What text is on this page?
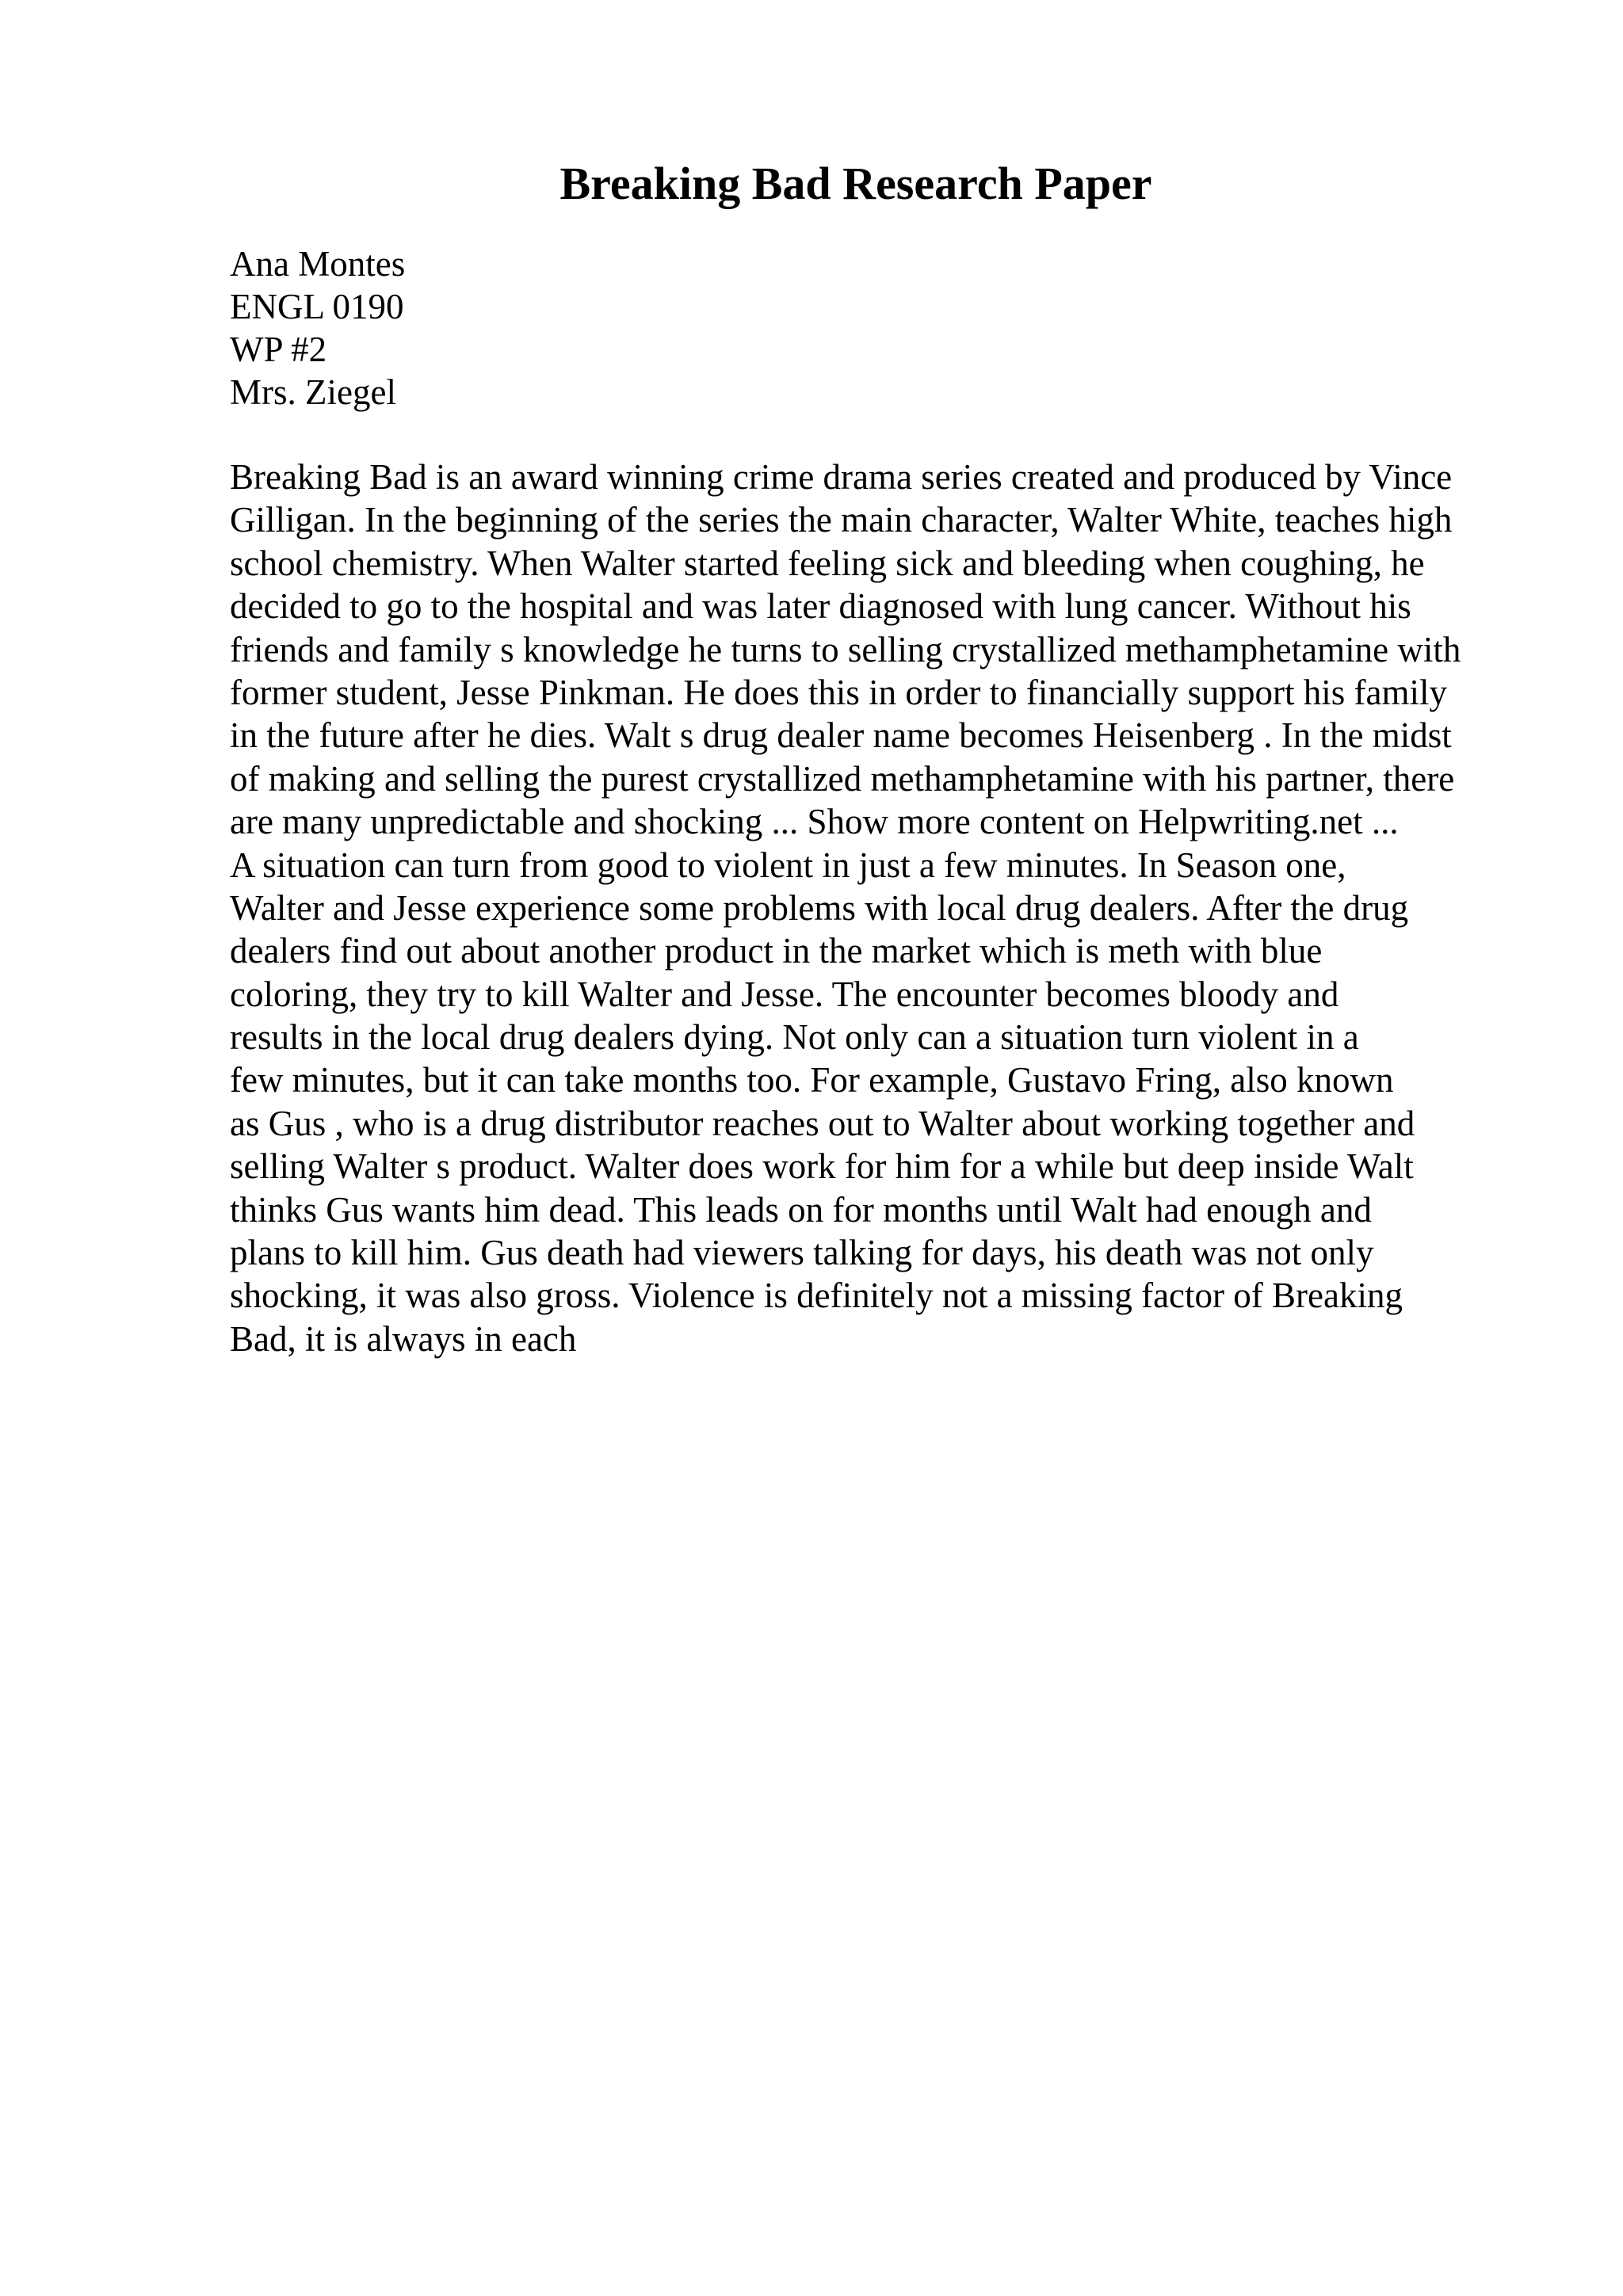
Breaking Bad Research Paper
Ana Montes
ENGL 0190
WP #2
Mrs. Ziegel
Breaking Bad is an award winning crime drama series created and produced by Vince
Gilligan. In the beginning of the series the main character, Walter White, teaches high
school chemistry. When Walter started feeling sick and bleeding when coughing, he
decided to go to the hospital and was later diagnosed with lung cancer. Without his
friends and family s knowledge he turns to selling crystallized methamphetamine with
former student, Jesse Pinkman. He does this in order to financially support his family
in the future after he dies. Walt s drug dealer name becomes Heisenberg . In the midst
of making and selling the purest crystallized methamphetamine with his partner, there
are many unpredictable and shocking ... Show more content on Helpwriting.net ...
A situation can turn from good to violent in just a few minutes. In Season one,
Walter and Jesse experience some problems with local drug dealers. After the drug
dealers find out about another product in the market which is meth with blue
coloring, they try to kill Walter and Jesse. The encounter becomes bloody and
results in the local drug dealers dying. Not only can a situation turn violent in a
few minutes, but it can take months too. For example, Gustavo Fring, also known
as Gus , who is a drug distributor reaches out to Walter about working together and
selling Walter s product. Walter does work for him for a while but deep inside Walt
thinks Gus wants him dead. This leads on for months until Walt had enough and
plans to kill him. Gus death had viewers talking for days, his death was not only
shocking, it was also gross. Violence is definitely not a missing factor of Breaking
Bad, it is always in each
